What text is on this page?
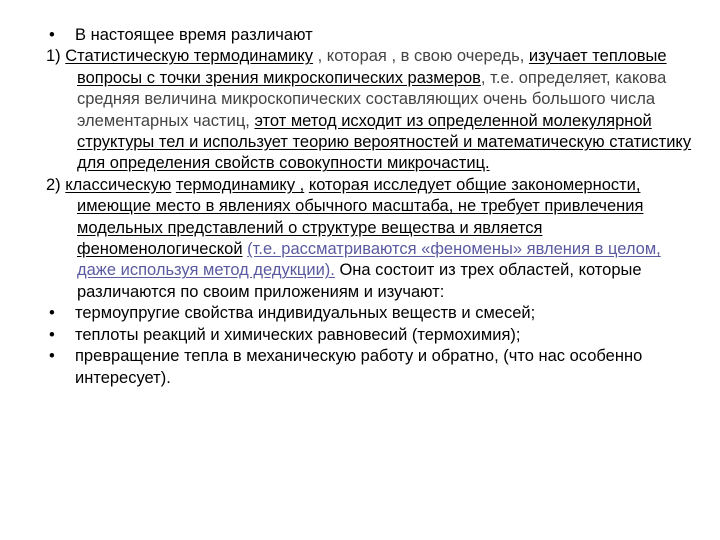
•	В настоящее время различают
1) Статистическую термодинамику , которая , в свою очередь, изучает тепловые вопросы с точки зрения микроскопических размеров, т.е. определяет, какова средняя величина микроскопических составляющих очень большого числа элементарных частиц, этот метод исходит из определенной молекулярной структуры тел и использует теорию вероятностей и математическую статистику для определения свойств совокупности микрочастиц.
2) классическую термодинамику , которая исследует общие закономерности, имеющие место в явлениях обычного масштаба, не требует привлечения модельных представлений о структуре вещества и является феноменологической (т.е. рассматриваются «феномены» явления в целом, даже используя метод дедукции). Она состоит из трех областей, которые различаются по своим приложениям и изучают:
•	термоупругие свойства индивидуальных веществ и смесей;
•	теплоты реакций и химических равновесий (термохимия);
•	превращение тепла в механическую работу и обратно, (что нас особенно интересует).
